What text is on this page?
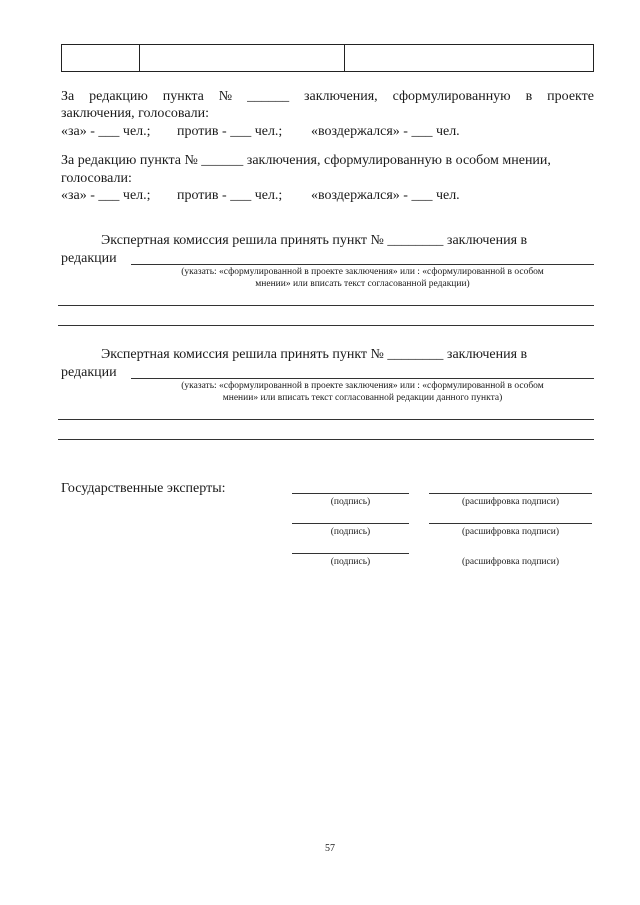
За редакцию пункта № ______ заключения, сформулированную в проекте
заключения, голосовали:
«за» - ___ чел.; против - ___ чел.; «воздержался» - ___ чел.
За редакцию пункта № ______ заключения, сформулированную в особом мнении,
голосовали:
«за» - ___ чел.; против - ___ чел.; «воздержался» - ___ чел.
Экспертная комиссия решила принять пункт № ________ заключения в
редакции
(указать: «сформулированной в проекте заключения» или : «сформулированной в особом
мнении» или вписать текст согласованной редакции)
Экспертная комиссия решила принять пункт № ________ заключения в
редакции
(указать: «сформулированной в проекте заключения» или : «сформулированной в особом
мнении» или вписать текст согласованной редакции данного пункта)
Государственные эксперты:
(подпись)	(расшифровка подписи)
(подпись)	(расшифровка подписи)
(подпись)	(расшифровка подписи)
57
